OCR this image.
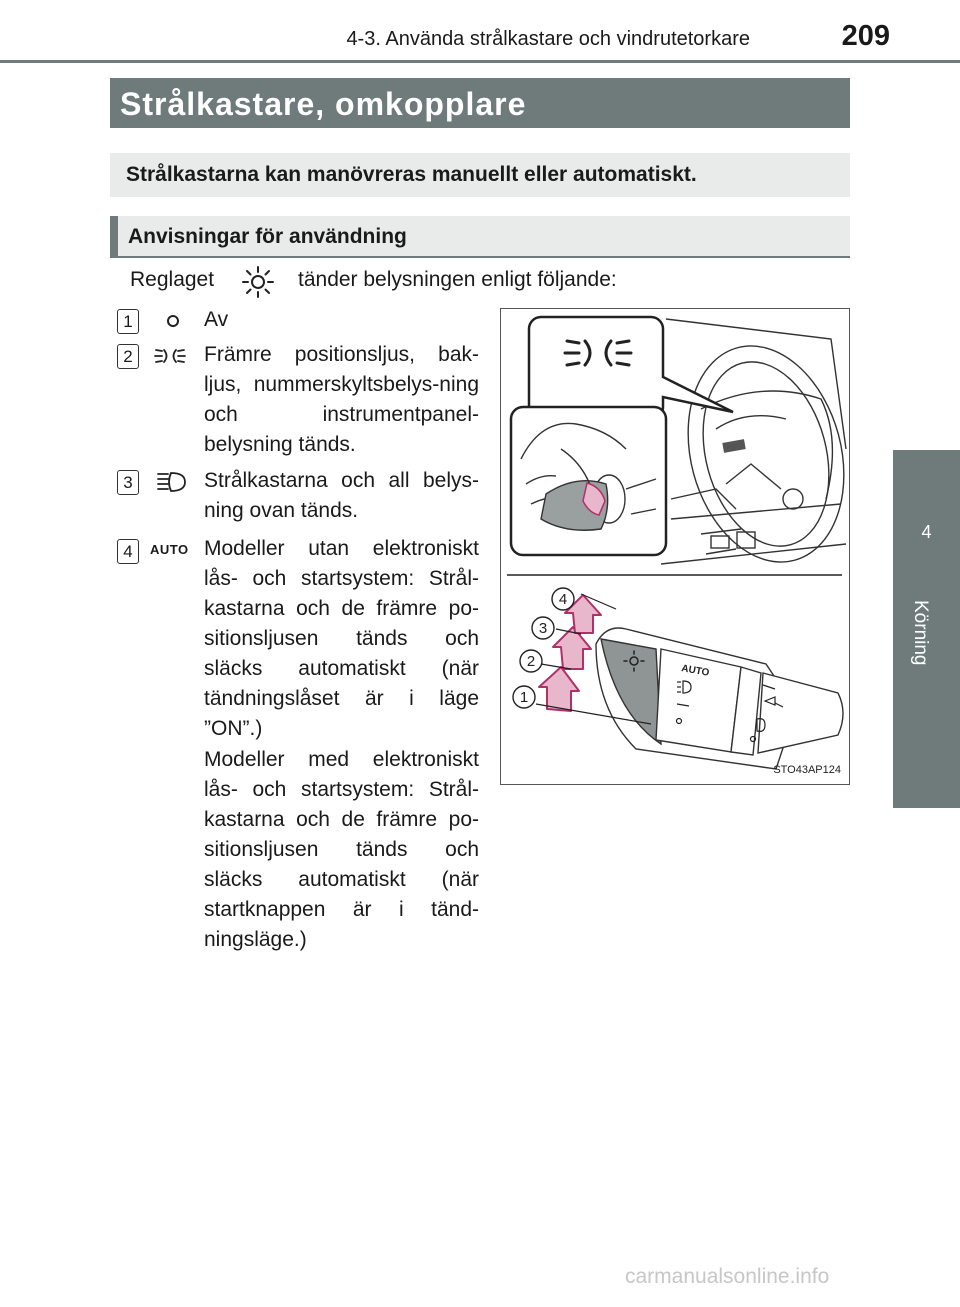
4-3. Använda strålkastare och vindrutetorkare	209
4
Körning
Strålkastare, omkopplare
Strålkastarna kan manövreras manuellt eller automatiskt.
Anvisningar för användning
Reglaget	tänder belysningen enligt följande:
1	Av
2	Främre positionsljus, bak-ljus, nummerskyltsbelys-ning och instrumentpanel-belysning tänds.
3	Strålkastarna och all belys-ning ovan tänds.
4	AUTO Modeller utan elektroniskt lås- och startsystem: Strål-kastarna och de främre po-sitionsljusen tänds och släcks automatiskt (när tändningslåset är i läge ”ON”.)
Modeller med elektroniskt lås- och startsystem: Strål-kastarna och de främre po-sitionsljusen tänds och släcks automatiskt (när startknappen är i tänd-ningsläge.)
AUTO
1
2
3
4
STO43AP124
carmanualsonline.info
